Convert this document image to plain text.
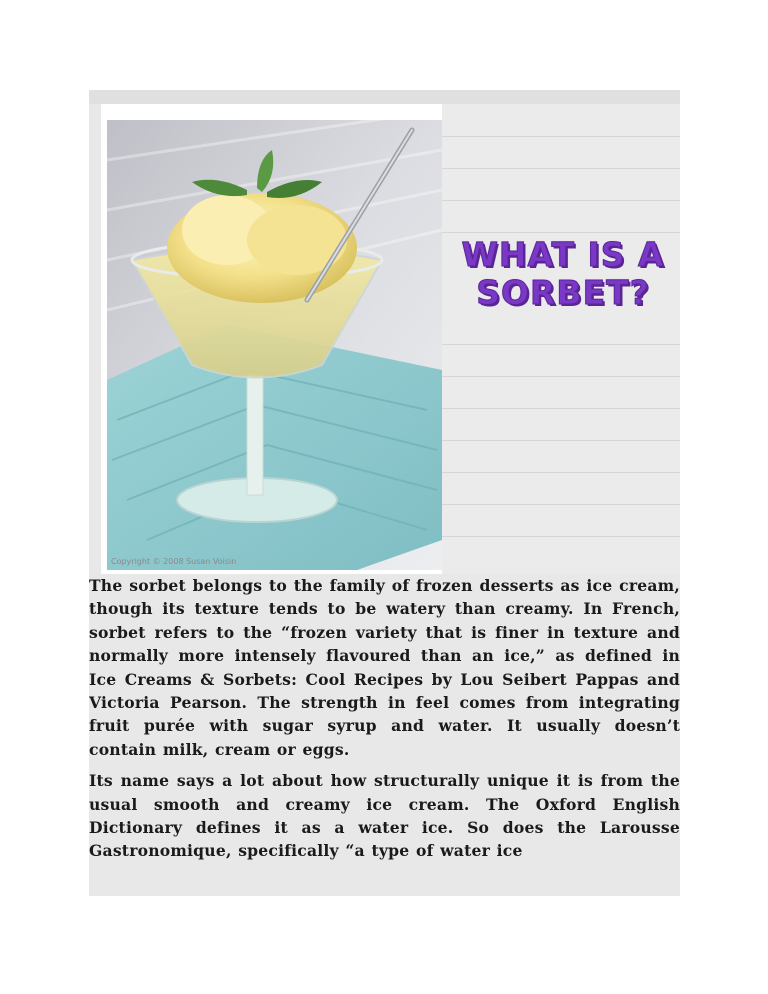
Copyright © 2008 Susan Voisin
WHAT IS A SORBET?

The sorbet belongs to the family of frozen desserts as ice cream, though its texture tends to be watery than creamy. In French, sorbet refers to the “frozen variety that is finer in texture and normally more intensely flavoured than an ice,” as defined in Ice Creams & Sorbets: Cool Recipes by Lou Seibert Pappas and Victoria Pearson. The strength in feel comes from integrating fruit purée with sugar syrup and water. It usually doesn’t contain milk, cream or eggs.

Its name says a lot about how structurally unique it is from the usual smooth and creamy ice cream. The Oxford English Dictionary defines it as a water ice. So does the Larousse Gastronomique, specifically “a type of water ice
